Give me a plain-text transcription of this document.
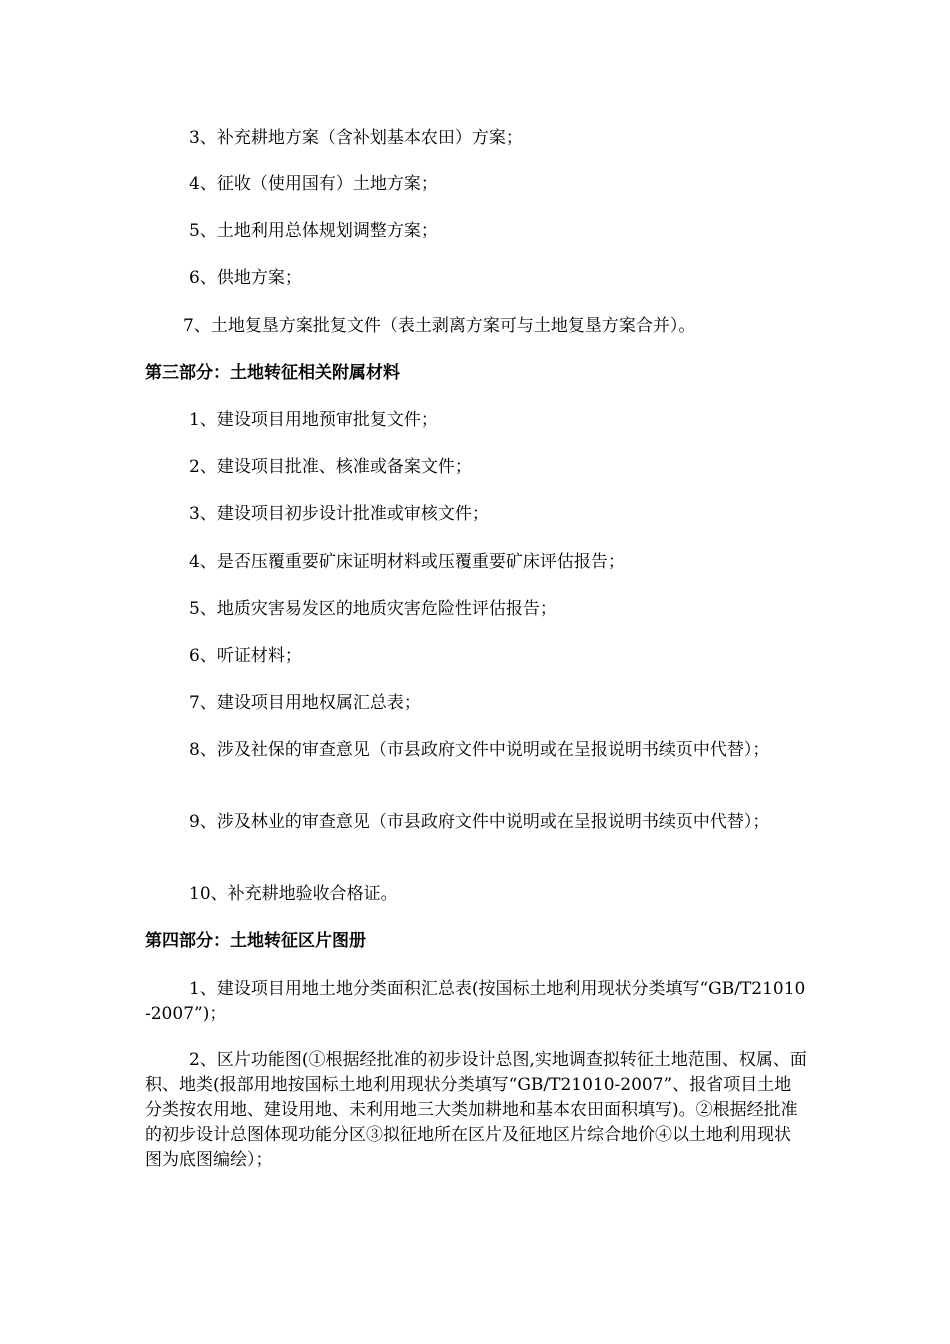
3、补充耕地方案（含补划基本农田）方案；
4、征收（使用国有）土地方案；
5、土地利用总体规划调整方案；
6、供地方案；
7、土地复垦方案批复文件（表土剥离方案可与土地复垦方案合并）。
第三部分：土地转征相关附属材料
1、建设项目用地预审批复文件；
2、建设项目批准、核准或备案文件；
3、建设项目初步设计批准或审核文件；
4、是否压覆重要矿床证明材料或压覆重要矿床评估报告；
5、地质灾害易发区的地质灾害危险性评估报告；
6、听证材料；
7、建设项目用地权属汇总表；
8、涉及社保的审查意见（市县政府文件中说明或在呈报说明书续页中代替）；
9、涉及林业的审查意见（市县政府文件中说明或在呈报说明书续页中代替）；
10、补充耕地验收合格证。
第四部分：土地转征区片图册
1、建设项目用地土地分类面积汇总表(按国标土地利用现状分类填写“GB/T21010-2007”)；
2、区片功能图(①根据经批准的初步设计总图,实地调查拟转征土地范围、权属、面积、地类(报部用地按国标土地利用现状分类填写“GB/T21010-2007”、报省项目土地分类按农用地、建设用地、未利用地三大类加耕地和基本农田面积填写)。②根据经批准的初步设计总图体现功能分区③拟征地所在区片及征地区片综合地价④以土地利用现状图为底图编绘）；
